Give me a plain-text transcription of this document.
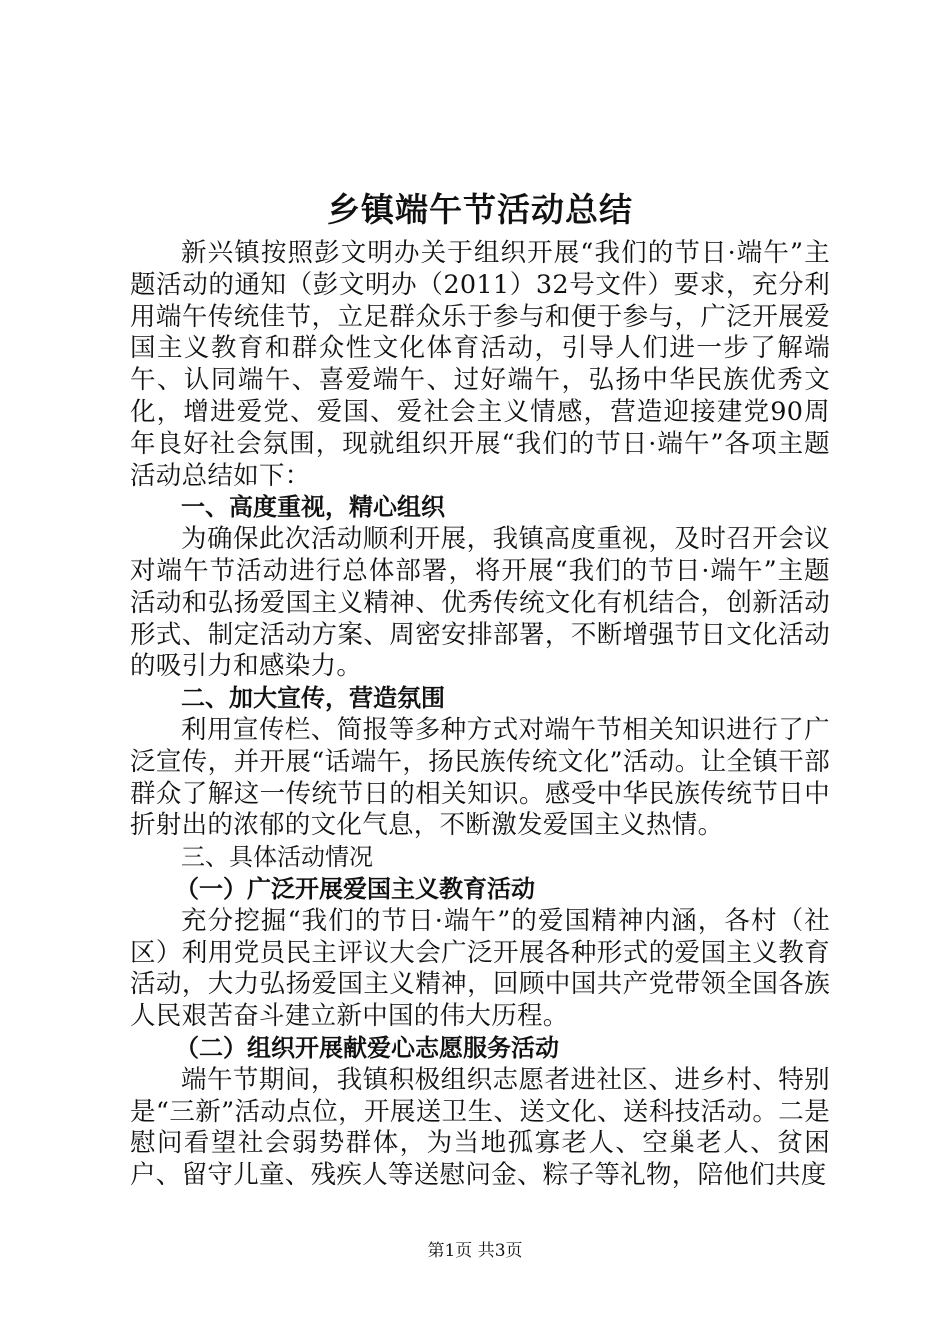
乡镇端午节活动总结

新兴镇按照彭文明办关于组织开展“我们的节日·端午”主题活动的通知（彭文明办（2011）32号文件）要求，充分利用端午传统佳节，立足群众乐于参与和便于参与，广泛开展爱国主义教育和群众性文化体育活动，引导人们进一步了解端午、认同端午、喜爱端午、过好端午，弘扬中华民族优秀文化，增进爱党、爱国、爱社会主义情感，营造迎接建党90周年良好社会氛围，现就组织开展“我们的节日·端午”各项主题活动总结如下：

一、高度重视，精心组织

为确保此次活动顺利开展，我镇高度重视，及时召开会议对端午节活动进行总体部署，将开展“我们的节日·端午”主题活动和弘扬爱国主义精神、优秀传统文化有机结合，创新活动形式、制定活动方案、周密安排部署，不断增强节日文化活动的吸引力和感染力。

二、加大宣传，营造氛围

利用宣传栏、简报等多种方式对端午节相关知识进行了广泛宣传，并开展“话端午，扬民族传统文化”活动。让全镇干部群众了解这一传统节日的相关知识。感受中华民族传统节日中折射出的浓郁的文化气息，不断激发爱国主义热情。

三、具体活动情况

（一）广泛开展爱国主义教育活动

充分挖掘“我们的节日·端午”的爱国精神内涵，各村（社区）利用党员民主评议大会广泛开展各种形式的爱国主义教育活动，大力弘扬爱国主义精神，回顾中国共产党带领全国各族人民艰苦奋斗建立新中国的伟大历程。

（二）组织开展献爱心志愿服务活动

端午节期间，我镇积极组织志愿者进社区、进乡村、特别是“三新”活动点位，开展送卫生、送文化、送科技活动。二是慰问看望社会弱势群体，为当地孤寡老人、空巢老人、贫困户、留守儿童、残疾人等送慰问金、粽子等礼物，陪他们共度

第1页 共3页
